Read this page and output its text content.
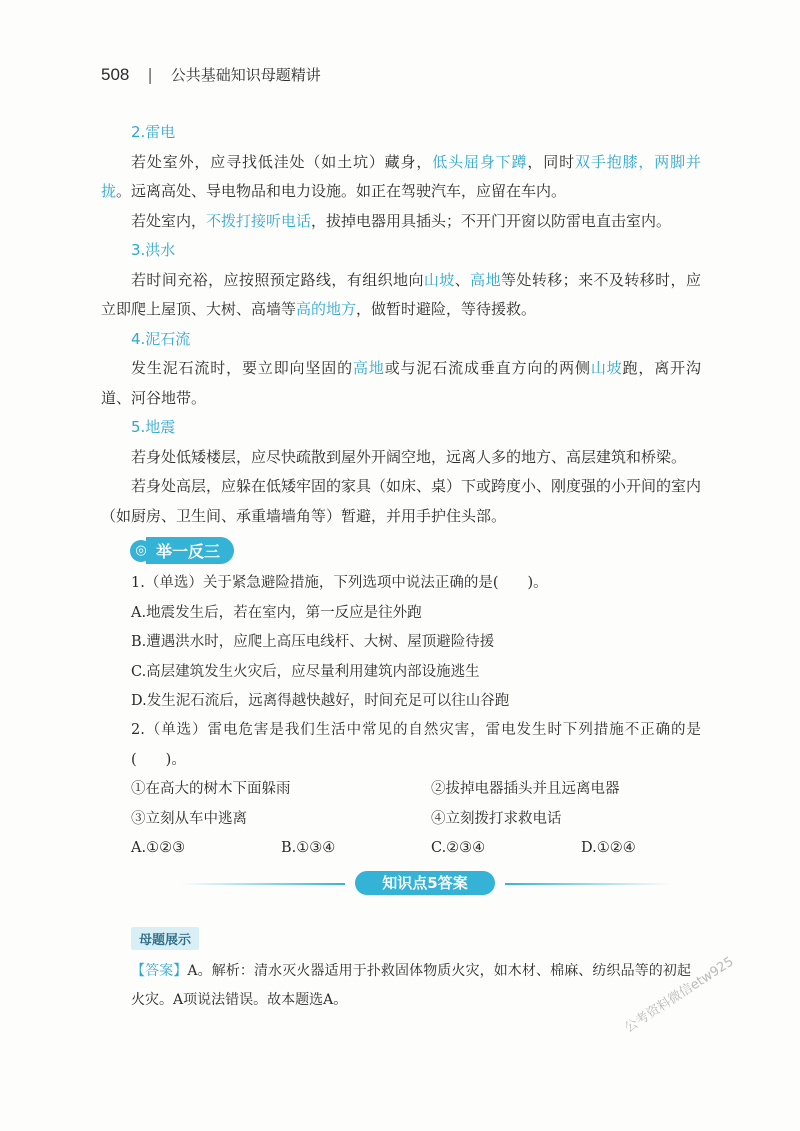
508 | 公共基础知识母题精讲
2.雷电
若处室外，应寻找低洼处（如土坑）藏身，低头屈身下蹲，同时双手抱膝，两脚并拢。远离高处、导电物品和电力设施。如正在驾驶汽车，应留在车内。
若处室内，不拨打接听电话，拔掉电器用具插头；不开门开窗以防雷电直击室内。
3.洪水
若时间充裕，应按照预定路线，有组织地向山坡、高地等处转移；来不及转移时，应立即爬上屋顶、大树、高墙等高的地方，做暂时避险，等待援救。
4.泥石流
发生泥石流时，要立即向坚固的高地或与泥石流成垂直方向的两侧山坡跑，离开沟道、河谷地带。
5.地震
若身处低矮楼层，应尽快疏散到屋外开阔空地，远离人多的地方、高层建筑和桥梁。
若身处高层，应躲在低矮牢固的家具（如床、桌）下或跨度小、刚度强的小开间的室内（如厨房、卫生间、承重墙墙角等）暂避，并用手护住头部。
◎ 举一反三
1.（单选）关于紧急避险措施，下列选项中说法正确的是(　　)。
A.地震发生后，若在室内，第一反应是往外跑
B.遭遇洪水时，应爬上高压电线杆、大树、屋顶避险待援
C.高层建筑发生火灾后，应尽量利用建筑内部设施逃生
D.发生泥石流后，远离得越快越好，时间充足可以往山谷跑
2.（单选）雷电危害是我们生活中常见的自然灾害，雷电发生时下列措施不正确的是(　　)。
①在高大的树木下面躲雨	②拔掉电器插头并且远离电器
③立刻从车中逃离	④立刻拨打求救电话
A.①②③	B.①③④	C.②③④	D.①②④
知识点5答案
母题展示
【答案】A。解析：清水灭火器适用于扑救固体物质火灾，如木材、棉麻、纺织品等的初起火灾。A项说法错误。故本题选A。	公考资料微信etw925
